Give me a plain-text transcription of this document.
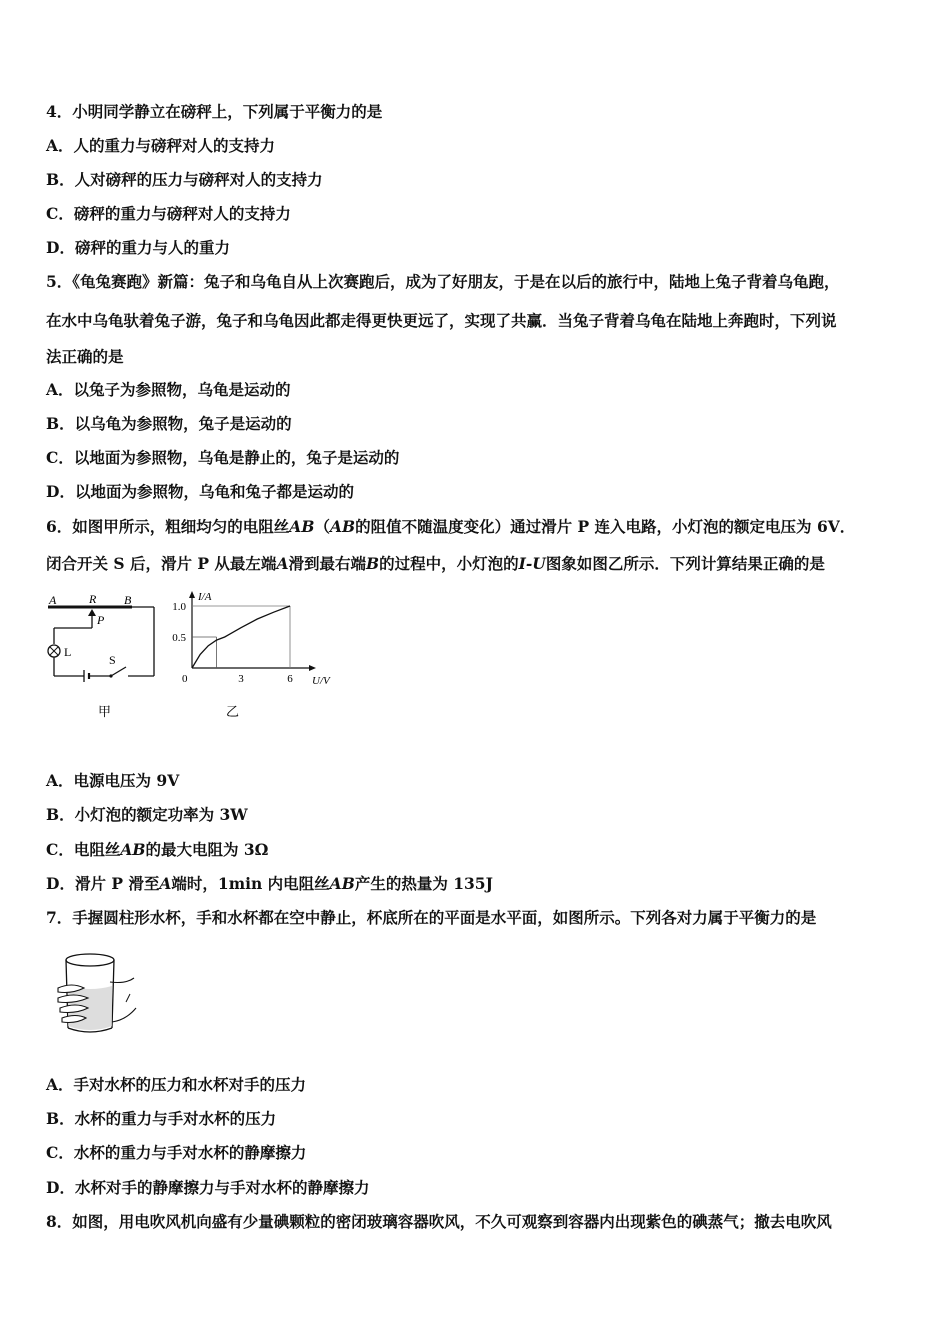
4．小明同学静立在磅秤上，下列属于平衡力的是
A．人的重力与磅秤对人的支持力
B．人对磅秤的压力与磅秤对人的支持力
C．磅秤的重力与磅秤对人的支持力
D．磅秤的重力与人的重力
5．《龟兔赛跑》新篇：兔子和乌龟自从上次赛跑后，成为了好朋友，于是在以后的旅行中，陆地上兔子背着乌龟跑，
在水中乌龟驮着兔子游，兔子和乌龟因此都走得更快更远了，实现了共赢．当兔子背着乌龟在陆地上奔跑时，下列说
法正确的是
A．以兔子为参照物，乌龟是运动的
B．以乌龟为参照物，兔子是运动的
C．以地面为参照物，乌龟是静止的，兔子是运动的
D．以地面为参照物，乌龟和兔子都是运动的
6．如图甲所示，粗细均匀的电阻丝AB（AB的阻值不随温度变化）通过滑片 P 连入电路，小灯泡的额定电压为 6V．
闭合开关 S 后，滑片 P 从最左端A滑到最右端B的过程中，小灯泡的I-U图象如图乙所示．下列计算结果正确的是
A	R B
P
L
S
甲
I/A
U/V
0
1.0
0.5
3	6
乙
A．电源电压为 9V
B．小灯泡的额定功率为 3W
C．电阻丝AB的最大电阻为 3Ω
D．滑片 P 滑至A端时，1min 内电阻丝AB产生的热量为 135J
7．手握圆柱形水杯，手和水杯都在空中静止，杯底所在的平面是水平面，如图所示。下列各对力属于平衡力的是
A．手对水杯的压力和水杯对手的压力
B．水杯的重力与手对水杯的压力
C．水杯的重力与手对水杯的静摩擦力
D．水杯对手的静摩擦力与手对水杯的静摩擦力
8．如图，用电吹风机向盛有少量碘颗粒的密闭玻璃容器吹风，不久可观察到容器内出现紫色的碘蒸气；撤去电吹风
